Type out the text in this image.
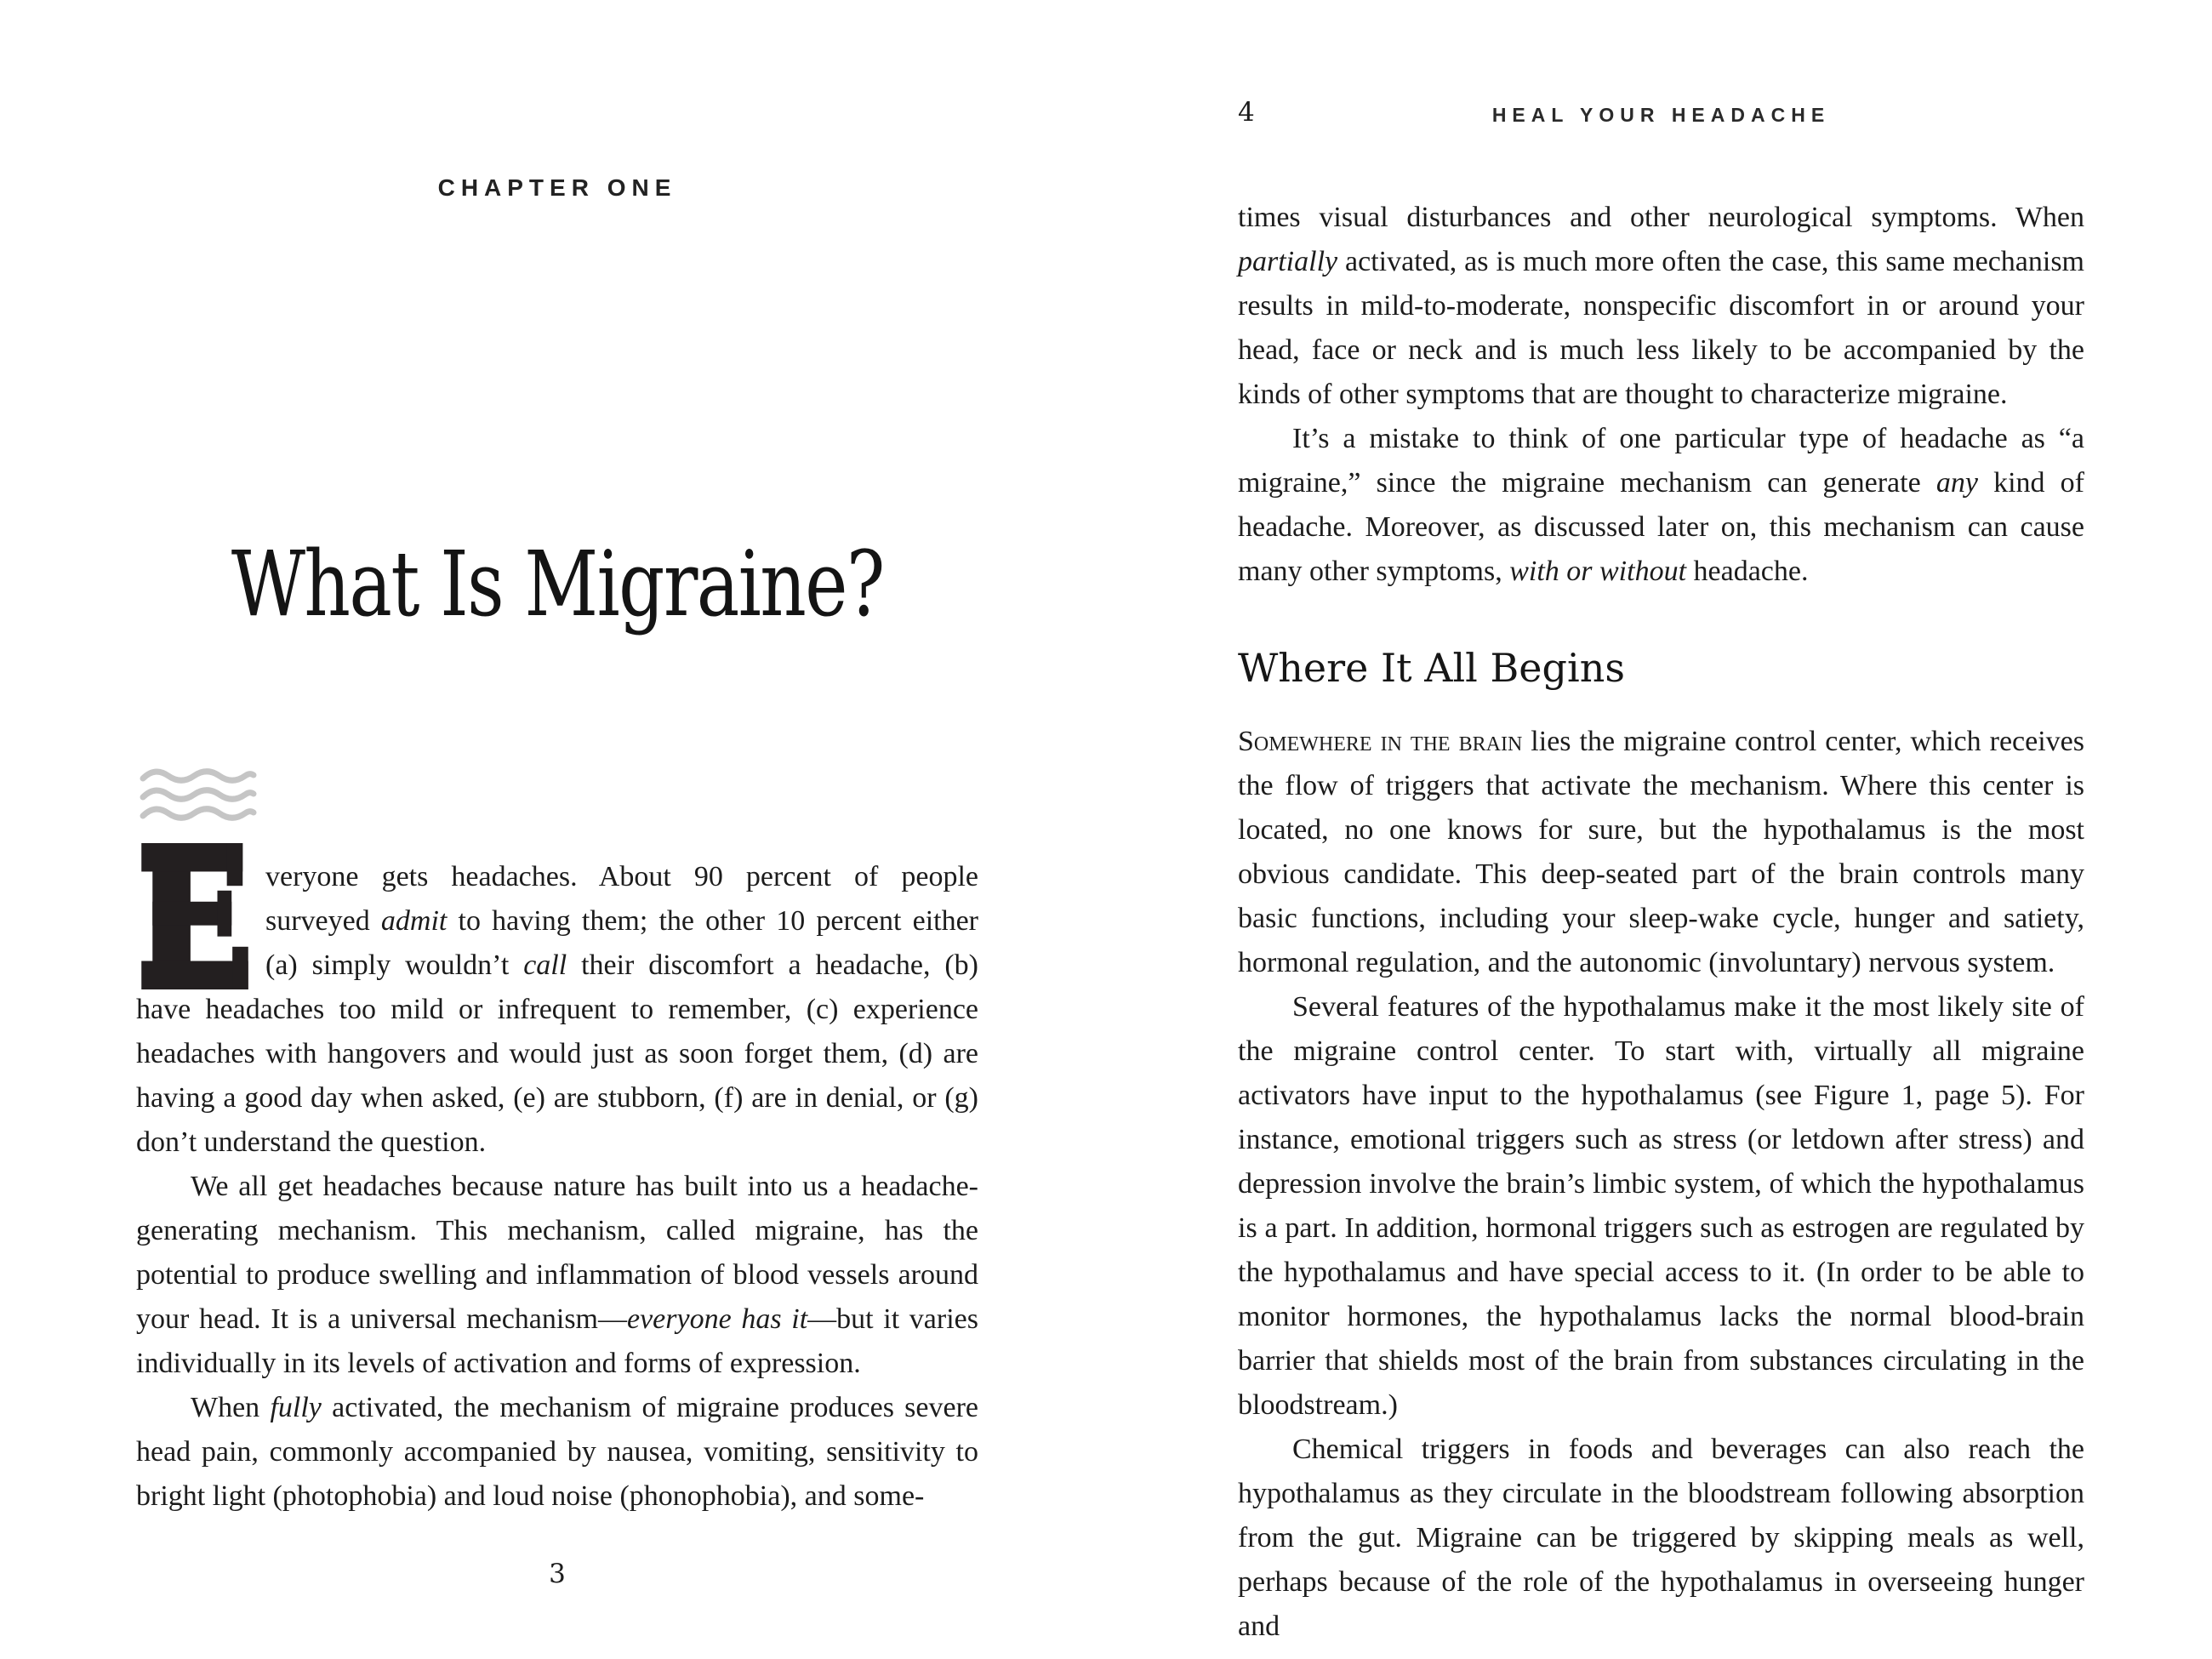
CHAPTER ONE
What Is Migraine?

veryone gets headaches. About 90 percent of people surveyed admit to having them; the other 10 percent either (a) simply wouldn’t call their discomfort a headache, (b) have headaches too mild or infrequent to remember, (c) experience headaches with hangovers and would just as soon forget them, (d) are having a good day when asked, (e) are stubborn, (f) are in denial, or (g) don’t understand the question.

We all get headaches because nature has built into us a headache-generating mechanism. This mechanism, called migraine, has the potential to produce swelling and inflammation of blood vessels around your head. It is a universal mechanism—everyone has it—but it varies individually in its levels of activation and forms of expression.

When fully activated, the mechanism of migraine produces severe head pain, commonly accompanied by nausea, vomiting, sensitivity to bright light (photophobia) and loud noise (phonophobia), and some-

3
4	HEAL YOUR HEADACHE

times visual disturbances and other neurological symptoms. When partially activated, as is much more often the case, this same mechanism results in mild-to-moderate, nonspecific discomfort in or around your head, face or neck and is much less likely to be accompanied by the kinds of other symptoms that are thought to characterize migraine.

It’s a mistake to think of one particular type of headache as “a migraine,” since the migraine mechanism can generate any kind of headache. Moreover, as discussed later on, this mechanism can cause many other symptoms, with or without headache.

Where It All Begins

Somewhere in the brain lies the migraine control center, which receives the flow of triggers that activate the mechanism. Where this center is located, no one knows for sure, but the hypothalamus is the most obvious candidate. This deep-seated part of the brain controls many basic functions, including your sleep-wake cycle, hunger and satiety, hormonal regulation, and the autonomic (involuntary) nervous system.

Several features of the hypothalamus make it the most likely site of the migraine control center. To start with, virtually all migraine activators have input to the hypothalamus (see Figure 1, page 5). For instance, emotional triggers such as stress (or letdown after stress) and depression involve the brain’s limbic system, of which the hypothalamus is a part. In addition, hormonal triggers such as estrogen are regulated by the hypothalamus and have special access to it. (In order to be able to monitor hormones, the hypothalamus lacks the normal blood-brain barrier that shields most of the brain from substances circulating in the bloodstream.)

Chemical triggers in foods and beverages can also reach the hypothalamus as they circulate in the bloodstream following absorption from the gut. Migraine can be triggered by skipping meals as well, perhaps because of the role of the hypothalamus in overseeing hunger and
